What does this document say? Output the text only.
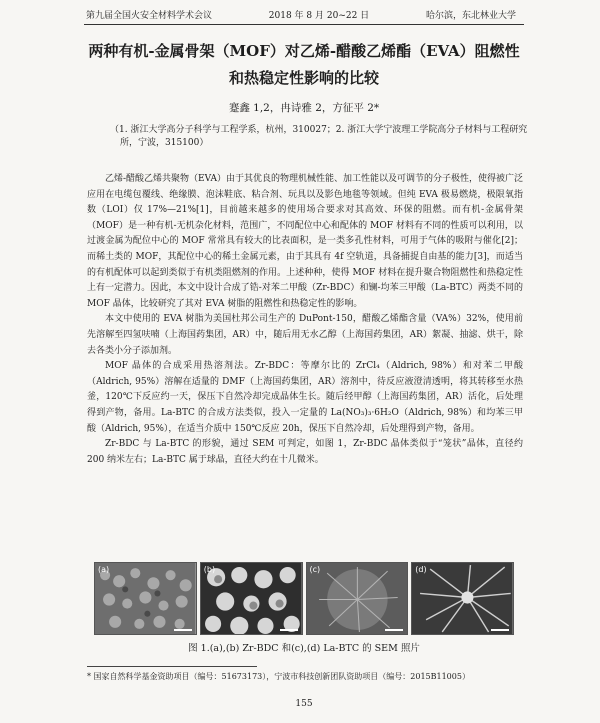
第九届全国火安全材料学术会议	2018 年 8 月 20~22 日	哈尔滨，东北林业大学
两种有机-金属骨架（MOF）对乙烯-醋酸乙烯酯（EVA）阻燃性和热稳定性影响的比较
蹇鑫 1,2，冉诗雅 2，方征平 2*
（1. 浙江大学高分子科学与工程学系，杭州，310027；2. 浙江大学宁波理工学院高分子材料与工程研究所，宁波，315100）

乙烯-醋酸乙烯共聚物（EVA）由于其优良的物理机械性能、加工性能以及可调节的分子极性，使得被广泛应用在电缆包覆线、绝缘膜、泡沫鞋底、粘合剂、玩具以及影色地毯等领域。但纯 EVA 极易燃烧，极限氧指数（LOI）仅 17%—21%[1]，目前越来越多的使用场合要求对其高效、环保的阻燃。而有机-金属骨架（MOF）是一种有机-无机杂化材料，范围广，不同配位中心和配体的 MOF 材料有不同的性质可以利用，以过渡金属为配位中心的 MOF 常常具有较大的比表面积，是一类多孔性材料，可用于气体的吸附与催化[2]；而稀土类的 MOF，其配位中心的稀土金属元素，由于其具有 4f 空轨道，具备捕捉自由基的能力[3]，而适当的有机配体可以起到类似于有机类阻燃剂的作用。上述种种，使得 MOF 材料在提升聚合物阻燃性和热稳定性上有一定潜力。因此，本文中设计合成了锆-对苯二甲酸（Zr-BDC）和镧-均苯三甲酸（La-BTC）两类不同的 MOF 晶体，比较研究了其对 EVA 树脂的阻燃性和热稳定性的影响。

本文中使用的 EVA 树脂为美国杜邦公司生产的 DuPont-150，醋酸乙烯酯含量（VA%）32%，使用前先溶解至四氢呋喃（上海国药集团，AR）中，随后用无水乙醇（上海国药集团，AR）絮凝、抽滤、烘干，除去各类小分子添加剂。

MOF 晶体的合成采用热溶剂法。Zr-BDC：等摩尔比的 ZrCl₄（Aldrich, 98%）和对苯二甲酸（Aldrich, 95%）溶解在适量的 DMF（上海国药集团，AR）溶剂中，待反应液澄清透明，将其转移至水热釜，120℃下反应约一天，保压下自然冷却完成晶体生长。随后经甲醇（上海国药集团，AR）活化，后处理得到产物，备用。La-BTC 的合成方法类似，投入一定量的 La(NO₃)₃·6H₂O（Aldrich, 98%）和均苯三甲酸（Aldrich, 95%），在适当介质中 150℃反应 20h，保压下自然冷却，后处理得到产物，备用。

Zr-BDC 与 La-BTC 的形貌，通过 SEM 可判定，如图 1，Zr-BDC 晶体类似于“笼状”晶体，直径约 200 纳米左右；La-BTC 属于球晶，直径大约在十几微米。

(a)	(b)	(c)	(d)
图 1.(a),(b) Zr-BDC 和(c),(d) La-BTC 的 SEM 照片
* 国家自然科学基金资助项目（编号：51673173），宁波市科技创新团队资助项目（编号：2015B11005）
155
